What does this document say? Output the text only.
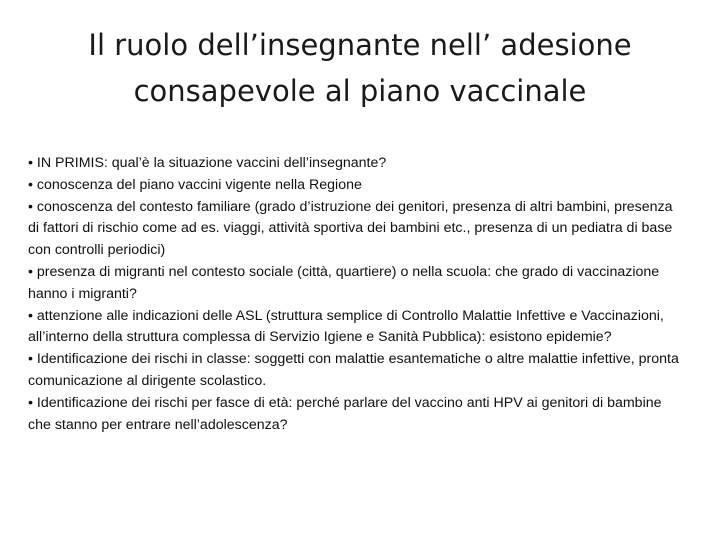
Il ruolo dell’insegnante nell’ adesione
consapevole al piano vaccinale
• IN PRIMIS: qual’è la situazione vaccini dell’insegnante?
• conoscenza del piano vaccini vigente nella Regione
• conoscenza del contesto familiare (grado d’istruzione dei genitori, presenza di altri bambini, presenza di fattori di rischio come ad es. viaggi, attività sportiva dei bambini etc., presenza di un pediatra di base con controlli periodici)
• presenza di migranti nel contesto sociale (città, quartiere) o nella scuola: che grado di vaccinazione hanno i migranti?
• attenzione alle indicazioni delle ASL (struttura semplice di Controllo Malattie Infettive e Vaccinazioni, all’interno della struttura complessa di Servizio Igiene e Sanità Pubblica): esistono epidemie?
• Identificazione dei rischi in classe: soggetti con malattie esantematiche o altre malattie infettive, pronta comunicazione al dirigente scolastico.
• Identificazione dei rischi per fasce di età: perché parlare del vaccino anti HPV ai genitori di bambine che stanno per entrare nell’adolescenza?
